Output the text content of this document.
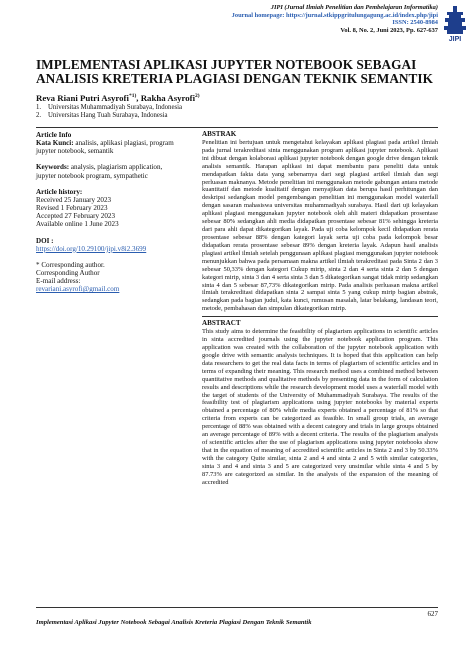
JIPI (Jurnal Ilmiah Penelitian dan Pembelajaran Informatika)
Journal homepage: https://jurnal.stkippgritulungagung.ac.id/index.php/jipi
ISSN: 2540-8984
Vol. 8, No. 2, Juni 2023, Pp. 627-637
JIPI
IMPLEMENTASI APLIKASI JUPYTER NOTEBOOK SEBAGAI ANALISIS KRETERIA PLAGIASI DENGAN TEKNIK SEMANTIK
Reva Riani Putri Asyrofi$^{*1)}$, Rakha Asyrofi$^{2)}$
1. Universitas Muhammadiyah Surabaya, Indonesia
2. Universitas Hang Tuah Surabaya, Indonesia

Article Info

Kata Kunci: analisis, aplikasi plagiasi, program jupyter notebook, semantik

Keywords: analysis, plagiarism application, jupyter notebook program, sympathetic

Article history:

Received 25 January 2023

Revised 1 February 2023

Accepted 27 February 2023

Available online 1 June 2023

DOI :

https://doi.org/10.29100/jipi.v8i2.3699

* Corresponding author.

Corresponding Author

E-mail address:

revariani.asyrofi@gmail.com

ABSTRAK

Penelitian ini bertujuan untuk mengetahui kelayakan aplikasi plagiasi pada artikel ilmiah pada jurnal terakreditasi sinta menggunakan program aplikasi jupyter notebook. Aplikasi ini dibuat dengan kolaborasi aplikasi jupyter notebook dengan google drive dengan teknik analisis semantik. Harapan aplikasi ini dapat membantu para peneliti data untuk mendapatkan fakta data yang sebenarnya dari segi plagiasi artikel ilmiah dan segi perluasan maknanya. Metode penelitian ini menggunakan metode gabungan antara metode kuantitatif dan metode kualitatif dengan menyajikan data berupa hasil perhitungan dan deskripsi sedangkan model pengembangan penelitian ini menggunakan model waterfall dengan sasaran mahasiswa universitas muhammadiyah surabaya. Hasil dari uji kelayakan aplikasi plagiasi menggunakan jupyter notebook oleh ahli materi didapatkan prosentase sebesar 80% sedangkan ahli media didapatkan prosentase sebesar 81% sehingga kreteria dari para ahli dapat dikategorikan layak. Pada uji coba kelompok kecil didapatkan rerata prosentase sebesar 88% dengan kategori layak serta uji coba pada kelompok besar didapatkan rerata prosentase sebesar 89% dengan kreteria layak. Adapun hasil analisis plagiasi artikel ilmiah setelah penggunaan aplikasi plagiasi menggunakan jupyter notebook menunjukkan bahwa pada persamaan makna artikel ilmiah terakreditasi pada Sinta 2 dan 3 sebesar 50,33% dengan kategori Cukup mirip, sinta 2 dan 4 serta sinta 2 dan 5 dengan kategori mirip, sinta 3 dan 4 serta sinta 3 dan 5 dikategorikan sangat tidak mirip sedangkan sinta 4 dan 5 sebesar 87,73% dikategorikan mirip. Pada analisis perluasan makna artikel ilmiah terakreditasi didapatkan sinta 2 sampai sinta 5 yang cukup mirip bagian abstrak, sedangkan pada bagian judul, kata kunci, rumusan masalah, latar belakang, landasan teori, metode, pembahasan dan simpulan dikategorikan mirip.

ABSTRACT

This study aims to determine the feasibility of plagiarism applications in scientific articles in sinta accredited journals using the jupyter notebook application program. This application was created with the collaboration of the jupyter notebook application with google drive with semantic analysis techniques. It is hoped that this application can help data researchers to get the real data facts in terms of plagiarism of scientific articles and in terms of expanding their meaning. This research method uses a combined method between quantitative methods and qualitative methods by presenting data in the form of calculation results and descriptions while the research development model uses a waterfall model with the target of students of the University of Muhammadiyah Surabaya. The results of the feasibility test of plagiarism applications using jupyter notebooks by material experts obtained a percentage of 80% while media experts obtained a percentage of 81% so that criteria from experts can be categorized as feasible. In small group trials, an average percentage of 88% was obtained with a decent category and trials in large groups obtained an average percentage of 89% with a decent criteria. The results of the plagiarism analysis of scientific articles after the use of plagiarism applications using jupyter notebooks show that in the equation of meaning of accredited scientific articles in Sinta 2 and 3 by 50.33% with the category Quite similar, sinta 2 and 4 and sinta 2 and 5 with similar categories, sinta 3 and 4 and sinta 3 and 5 are categorized very unsimilar while sinta 4 and 5 by 87.73% are categorized as similar. In the analysis of the expansion of the meaning of accredited

627
Implementasi Aplikasi Jupyter Notebook Sebagai Analisis Kreteria Plagiasi Dengan Teknik Semantik
